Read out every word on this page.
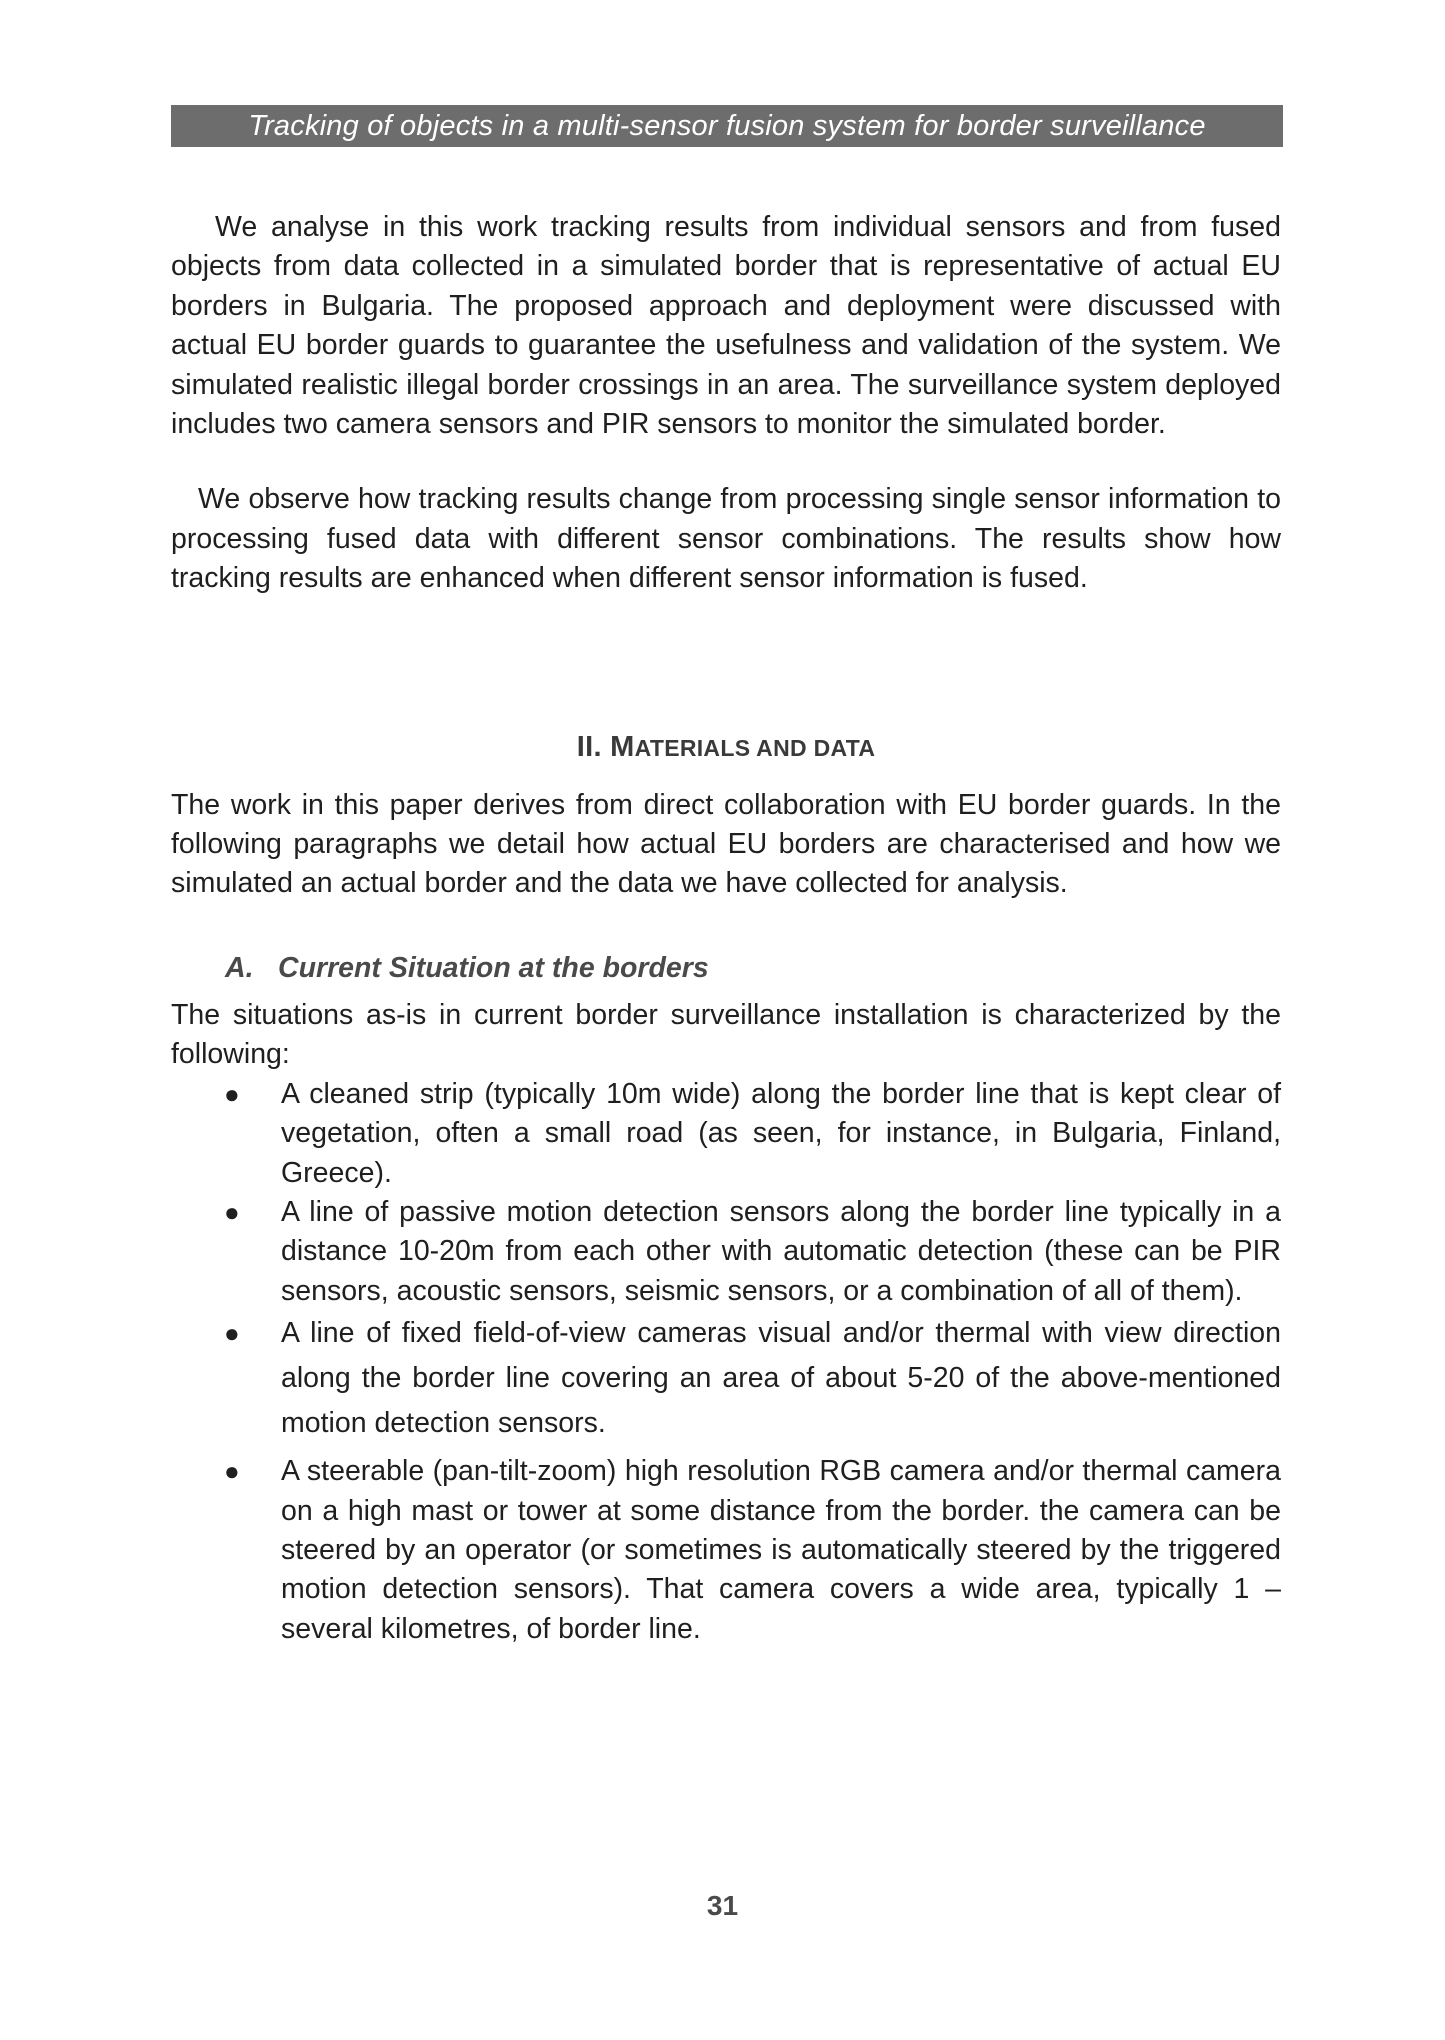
Tracking of objects in a multi-sensor fusion system for border surveillance

We analyse in this work tracking results from individual sensors and from fused objects from data collected in a simulated border that is representative of actual EU borders in Bulgaria. The proposed approach and deployment were discussed with actual EU border guards to guarantee the usefulness and validation of the system. We simulated realistic illegal border crossings in an area. The surveillance system deployed includes two camera sensors and PIR sensors to monitor the simulated border.

We observe how tracking results change from processing single sensor information to processing fused data with different sensor combinations. The results show how tracking results are enhanced when different sensor information is fused.

II. MATERIALS AND DATA

The work in this paper derives from direct collaboration with EU border guards. In the following paragraphs we detail how actual EU borders are characterised and how we simulated an actual border and the data we have collected for analysis.

A. Current Situation at the borders

The situations as-is in current border surveillance installation is characterized by the following:

● A cleaned strip (typically 10m wide) along the border line that is kept clear of vegetation, often a small road (as seen, for instance, in Bulgaria, Finland, Greece).
● A line of passive motion detection sensors along the border line typically in a distance 10-20m from each other with automatic detection (these can be PIR sensors, acoustic sensors, seismic sensors, or a combination of all of them).
● A line of fixed field-of-view cameras visual and/or thermal with view direction along the border line covering an area of about 5-20 of the above-mentioned motion detection sensors.
● A steerable (pan-tilt-zoom) high resolution RGB camera and/or thermal camera on a high mast or tower at some distance from the border. the camera can be steered by an operator (or sometimes is automatically steered by the triggered motion detection sensors). That camera covers a wide area, typically 1 – several kilometres, of border line.
31
